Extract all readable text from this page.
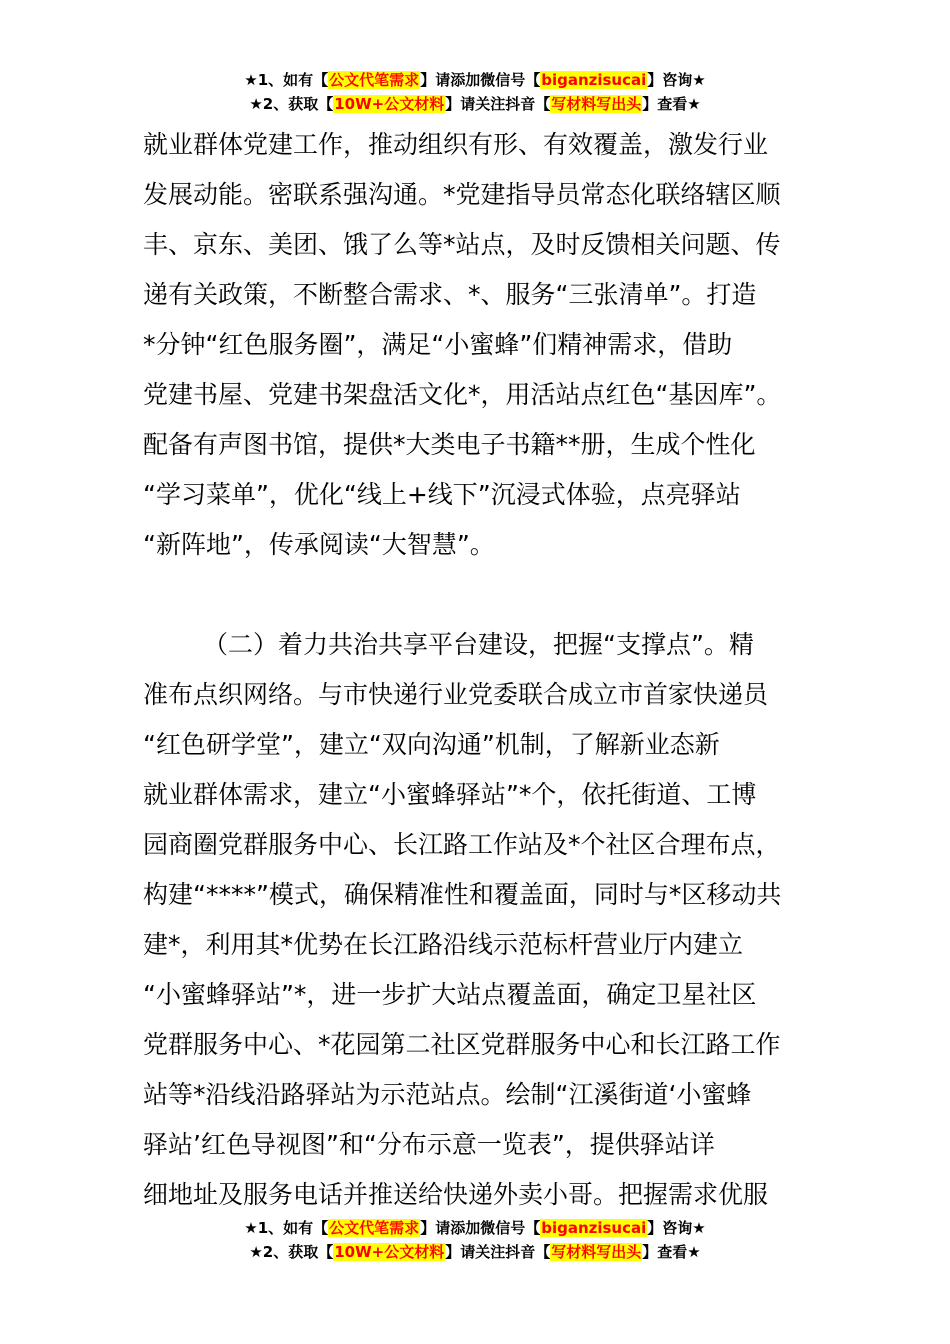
★1、如有【公文代笔需求】请添加微信号【biganzisucai】咨询★
★2、获取【10W+公文材料】请关注抖音【写材料写出头】查看★
就业群体党建工作，推动组织有形、有效覆盖，激发行业
发展动能。密联系强沟通。*党建指导员常态化联络辖区顺
丰、京东、美团、饿了么等*站点，及时反馈相关问题、传
递有关政策，不断整合需求、*、服务“三张清单”。打造
*分钟“红色服务圈”，满足“小蜜蜂”们精神需求，借助
党建书屋、党建书架盘活文化*，用活站点红色“基因库”。
配备有声图书馆，提供*大类电子书籍**册，生成个性化
“学习菜单”，优化“线上+线下”沉浸式体验，点亮驿站
“新阵地”，传承阅读“大智慧”。
（二）着力共治共享平台建设，把握“支撑点”。精
准布点织网络。与市快递行业党委联合成立市首家快递员
“红色研学堂”，建立“双向沟通”机制，了解新业态新
就业群体需求，建立“小蜜蜂驿站”*个，依托街道、工博
园商圈党群服务中心、长江路工作站及*个社区合理布点，
构建“****”模式，确保精准性和覆盖面，同时与*区移动共
建*，利用其*优势在长江路沿线示范标杆营业厅内建立
“小蜜蜂驿站”*，进一步扩大站点覆盖面，确定卫星社区
党群服务中心、*花园第二社区党群服务中心和长江路工作
站等*沿线沿路驿站为示范站点。绘制“江溪街道‘小蜜蜂
驿站’红色导视图”和“分布示意一览表”，提供驿站详
细地址及服务电话并推送给快递外卖小哥。把握需求优服
★1、如有【公文代笔需求】请添加微信号【biganzisucai】咨询★
★2、获取【10W+公文材料】请关注抖音【写材料写出头】查看★
